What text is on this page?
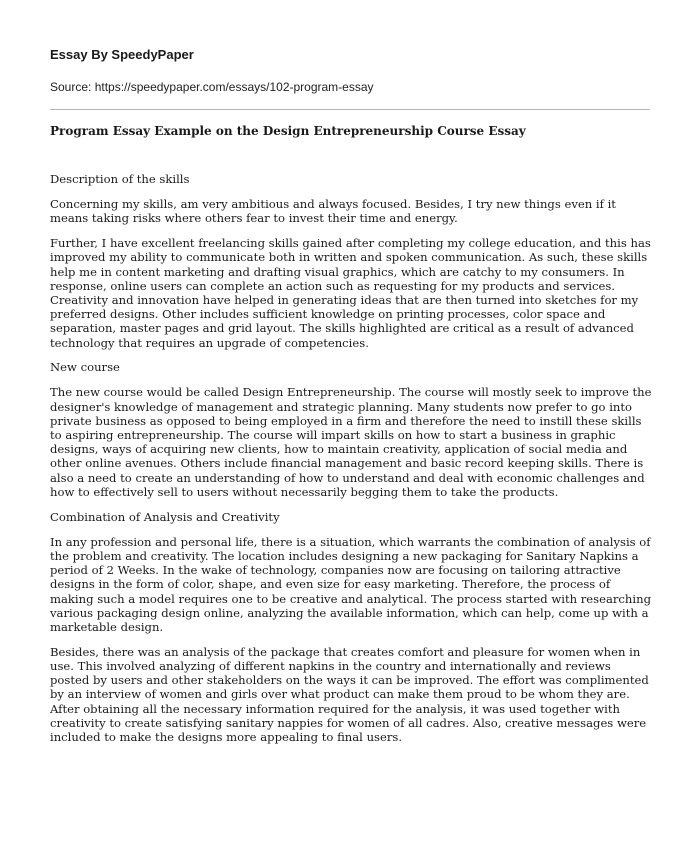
Essay By SpeedyPaper
Source: https://speedypaper.com/essays/102-program-essay
Program Essay Example on the Design Entrepreneurship Course Essay

Description of the skills

Concerning my skills, am very ambitious and always focused. Besides, I try new things even if it means taking risks where others fear to invest their time and energy.

Further, I have excellent freelancing skills gained after completing my college education, and this has improved my ability to communicate both in written and spoken communication. As such, these skills help me in content marketing and drafting visual graphics, which are catchy to my consumers. In response, online users can complete an action such as requesting for my products and services. Creativity and innovation have helped in generating ideas that are then turned into sketches for my preferred designs. Other includes sufficient knowledge on printing processes, color space and separation, master pages and grid layout. The skills highlighted are critical as a result of advanced technology that requires an upgrade of competencies.

New course

The new course would be called Design Entrepreneurship. The course will mostly seek to improve the designer's knowledge of management and strategic planning. Many students now prefer to go into private business as opposed to being employed in a firm and therefore the need to instill these skills to aspiring entrepreneurship. The course will impart skills on how to start a business in graphic designs, ways of acquiring new clients, how to maintain creativity, application of social media and other online avenues. Others include financial management and basic record keeping skills. There is also a need to create an understanding of how to understand and deal with economic challenges and how to effectively sell to users without necessarily begging them to take the products.

Combination of Analysis and Creativity

In any profession and personal life, there is a situation, which warrants the combination of analysis of the problem and creativity. The location includes designing a new packaging for Sanitary Napkins a period of 2 Weeks. In the wake of technology, companies now are focusing on tailoring attractive designs in the form of color, shape, and even size for easy marketing. Therefore, the process of making such a model requires one to be creative and analytical. The process started with researching various packaging design online, analyzing the available information, which can help, come up with a marketable design.

Besides, there was an analysis of the package that creates comfort and pleasure for women when in use. This involved analyzing of different napkins in the country and internationally and reviews posted by users and other stakeholders on the ways it can be improved. The effort was complimented by an interview of women and girls over what product can make them proud to be whom they are. After obtaining all the necessary information required for the analysis, it was used together with creativity to create satisfying sanitary nappies for women of all cadres. Also, creative messages were included to make the designs more appealing to final users.
